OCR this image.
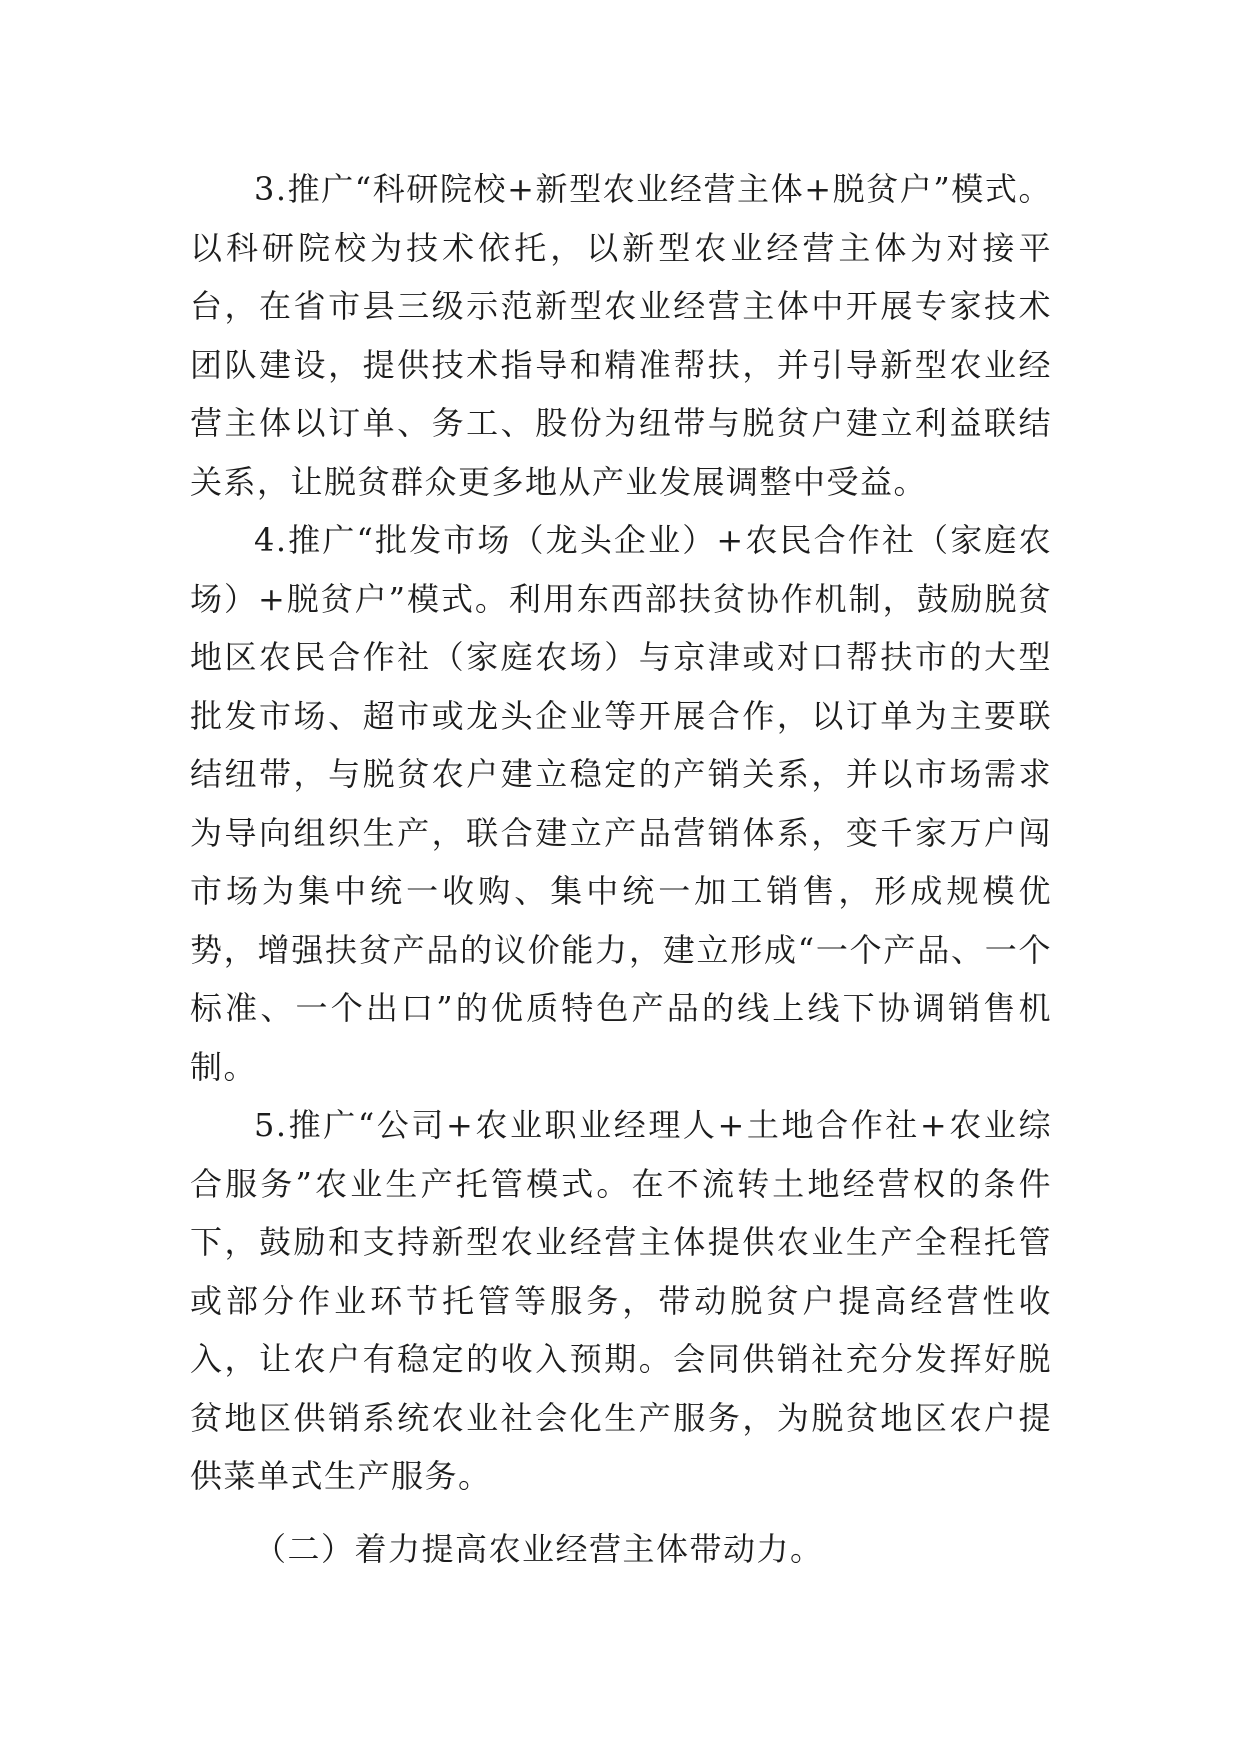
3.推广“科研院校+新型农业经营主体+脱贫户”模式。以科研院校为技术依托，以新型农业经营主体为对接平台，在省市县三级示范新型农业经营主体中开展专家技术团队建设，提供技术指导和精准帮扶，并引导新型农业经营主体以订单、务工、股份为纽带与脱贫户建立利益联结关系，让脱贫群众更多地从产业发展调整中受益。

4.推广“批发市场（龙头企业）+农民合作社（家庭农场）+脱贫户”模式。利用东西部扶贫协作机制，鼓励脱贫地区农民合作社（家庭农场）与京津或对口帮扶市的大型批发市场、超市或龙头企业等开展合作，以订单为主要联结纽带，与脱贫农户建立稳定的产销关系，并以市场需求为导向组织生产，联合建立产品营销体系，变千家万户闯市场为集中统一收购、集中统一加工销售，形成规模优势，增强扶贫产品的议价能力，建立形成“一个产品、一个标准、一个出口”的优质特色产品的线上线下协调销售机制。

5.推广“公司+农业职业经理人+土地合作社+农业综合服务”农业生产托管模式。在不流转土地经营权的条件下，鼓励和支持新型农业经营主体提供农业生产全程托管或部分作业环节托管等服务，带动脱贫户提高经营性收入，让农户有稳定的收入预期。会同供销社充分发挥好脱贫地区供销系统农业社会化生产服务，为脱贫地区农户提供菜单式生产服务。

（二）着力提高农业经营主体带动力。
